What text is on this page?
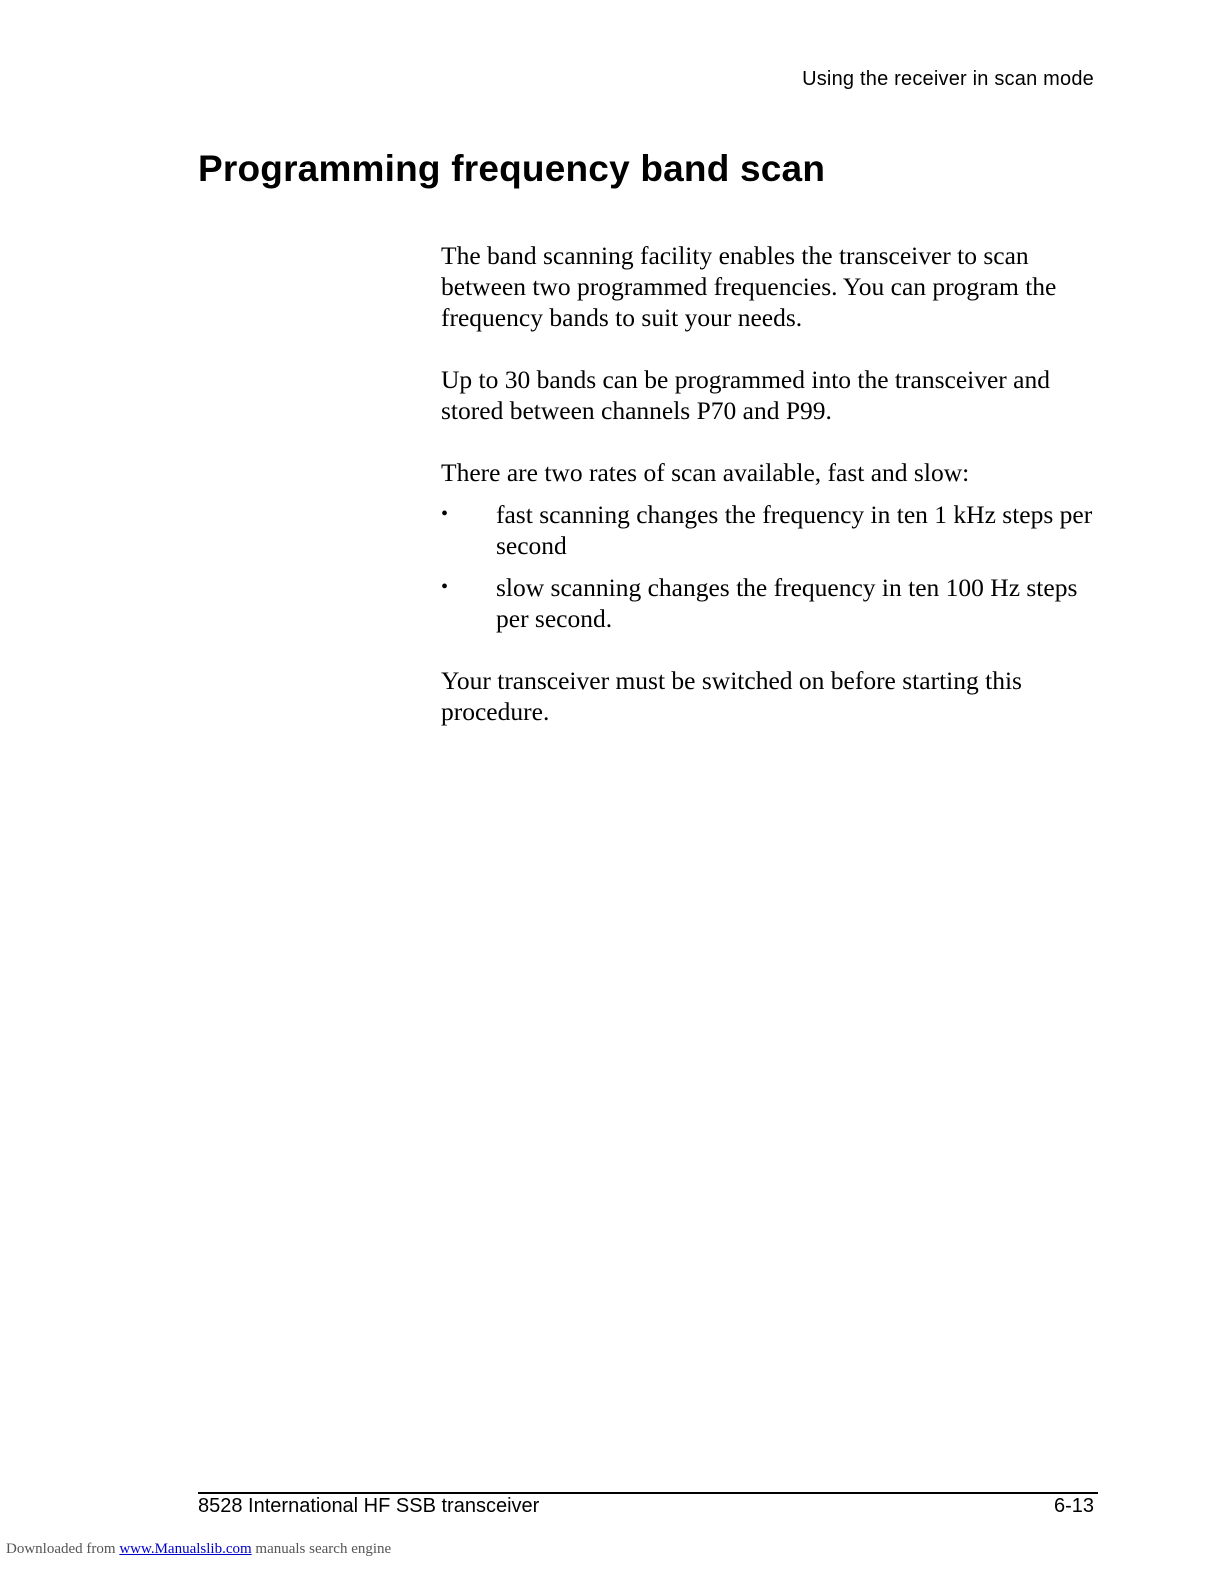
Using the receiver in scan mode
Programming frequency band scan

The band scanning facility enables the transceiver to scan between two programmed frequencies. You can program the frequency bands to suit your needs.

Up to 30 bands can be programmed into the transceiver and stored between channels P70 and P99.

There are two rates of scan available, fast and slow:

• fast scanning changes the frequency in ten 1 kHz steps per second
• slow scanning changes the frequency in ten 100 Hz steps per second.

Your transceiver must be switched on before starting this procedure.

8528 International HF SSB transceiver	6-13
Downloaded from www.Manualslib.com manuals search engine
